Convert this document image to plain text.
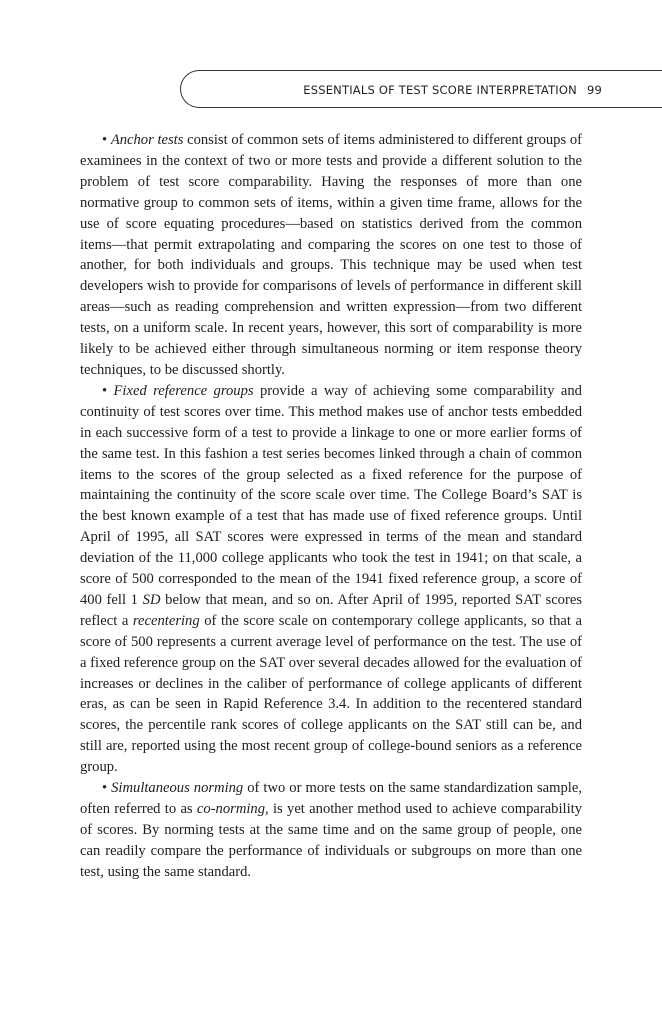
ESSENTIALS OF TEST SCORE INTERPRETATION 99

• Anchor tests consist of common sets of items administered to different groups of examinees in the context of two or more tests and provide a different solution to the problem of test score comparability. Having the responses of more than one normative group to common sets of items, within a given time frame, allows for the use of score equating procedures—based on statistics derived from the common items—that permit extrapolating and comparing the scores on one test to those of another, for both individuals and groups. This technique may be used when test developers wish to provide for comparisons of levels of performance in different skill areas—such as reading comprehension and written expression—from two different tests, on a uniform scale. In recent years, however, this sort of comparability is more likely to be achieved either through simultaneous norming or item response theory techniques, to be discussed shortly.

• Fixed reference groups provide a way of achieving some comparability and continuity of test scores over time. This method makes use of anchor tests embedded in each successive form of a test to provide a linkage to one or more earlier forms of the same test. In this fashion a test series becomes linked through a chain of common items to the scores of the group selected as a fixed reference for the purpose of maintaining the continuity of the score scale over time. The College Board’s SAT is the best known example of a test that has made use of fixed reference groups. Until April of 1995, all SAT scores were expressed in terms of the mean and standard deviation of the 11,000 college applicants who took the test in 1941; on that scale, a score of 500 corresponded to the mean of the 1941 fixed reference group, a score of 400 fell 1 SD below that mean, and so on. After April of 1995, reported SAT scores reflect a recentering of the score scale on contemporary college applicants, so that a score of 500 represents a current average level of performance on the test. The use of a fixed reference group on the SAT over several decades allowed for the evaluation of increases or declines in the caliber of performance of college applicants of different eras, as can be seen in Rapid Reference 3.4. In addition to the recentered standard scores, the percentile rank scores of college applicants on the SAT still can be, and still are, reported using the most recent group of college-bound seniors as a reference group.

• Simultaneous norming of two or more tests on the same standardization sample, often referred to as co-norming, is yet another method used to achieve comparability of scores. By norming tests at the same time and on the same group of people, one can readily compare the performance of individuals or subgroups on more than one test, using the same standard.
